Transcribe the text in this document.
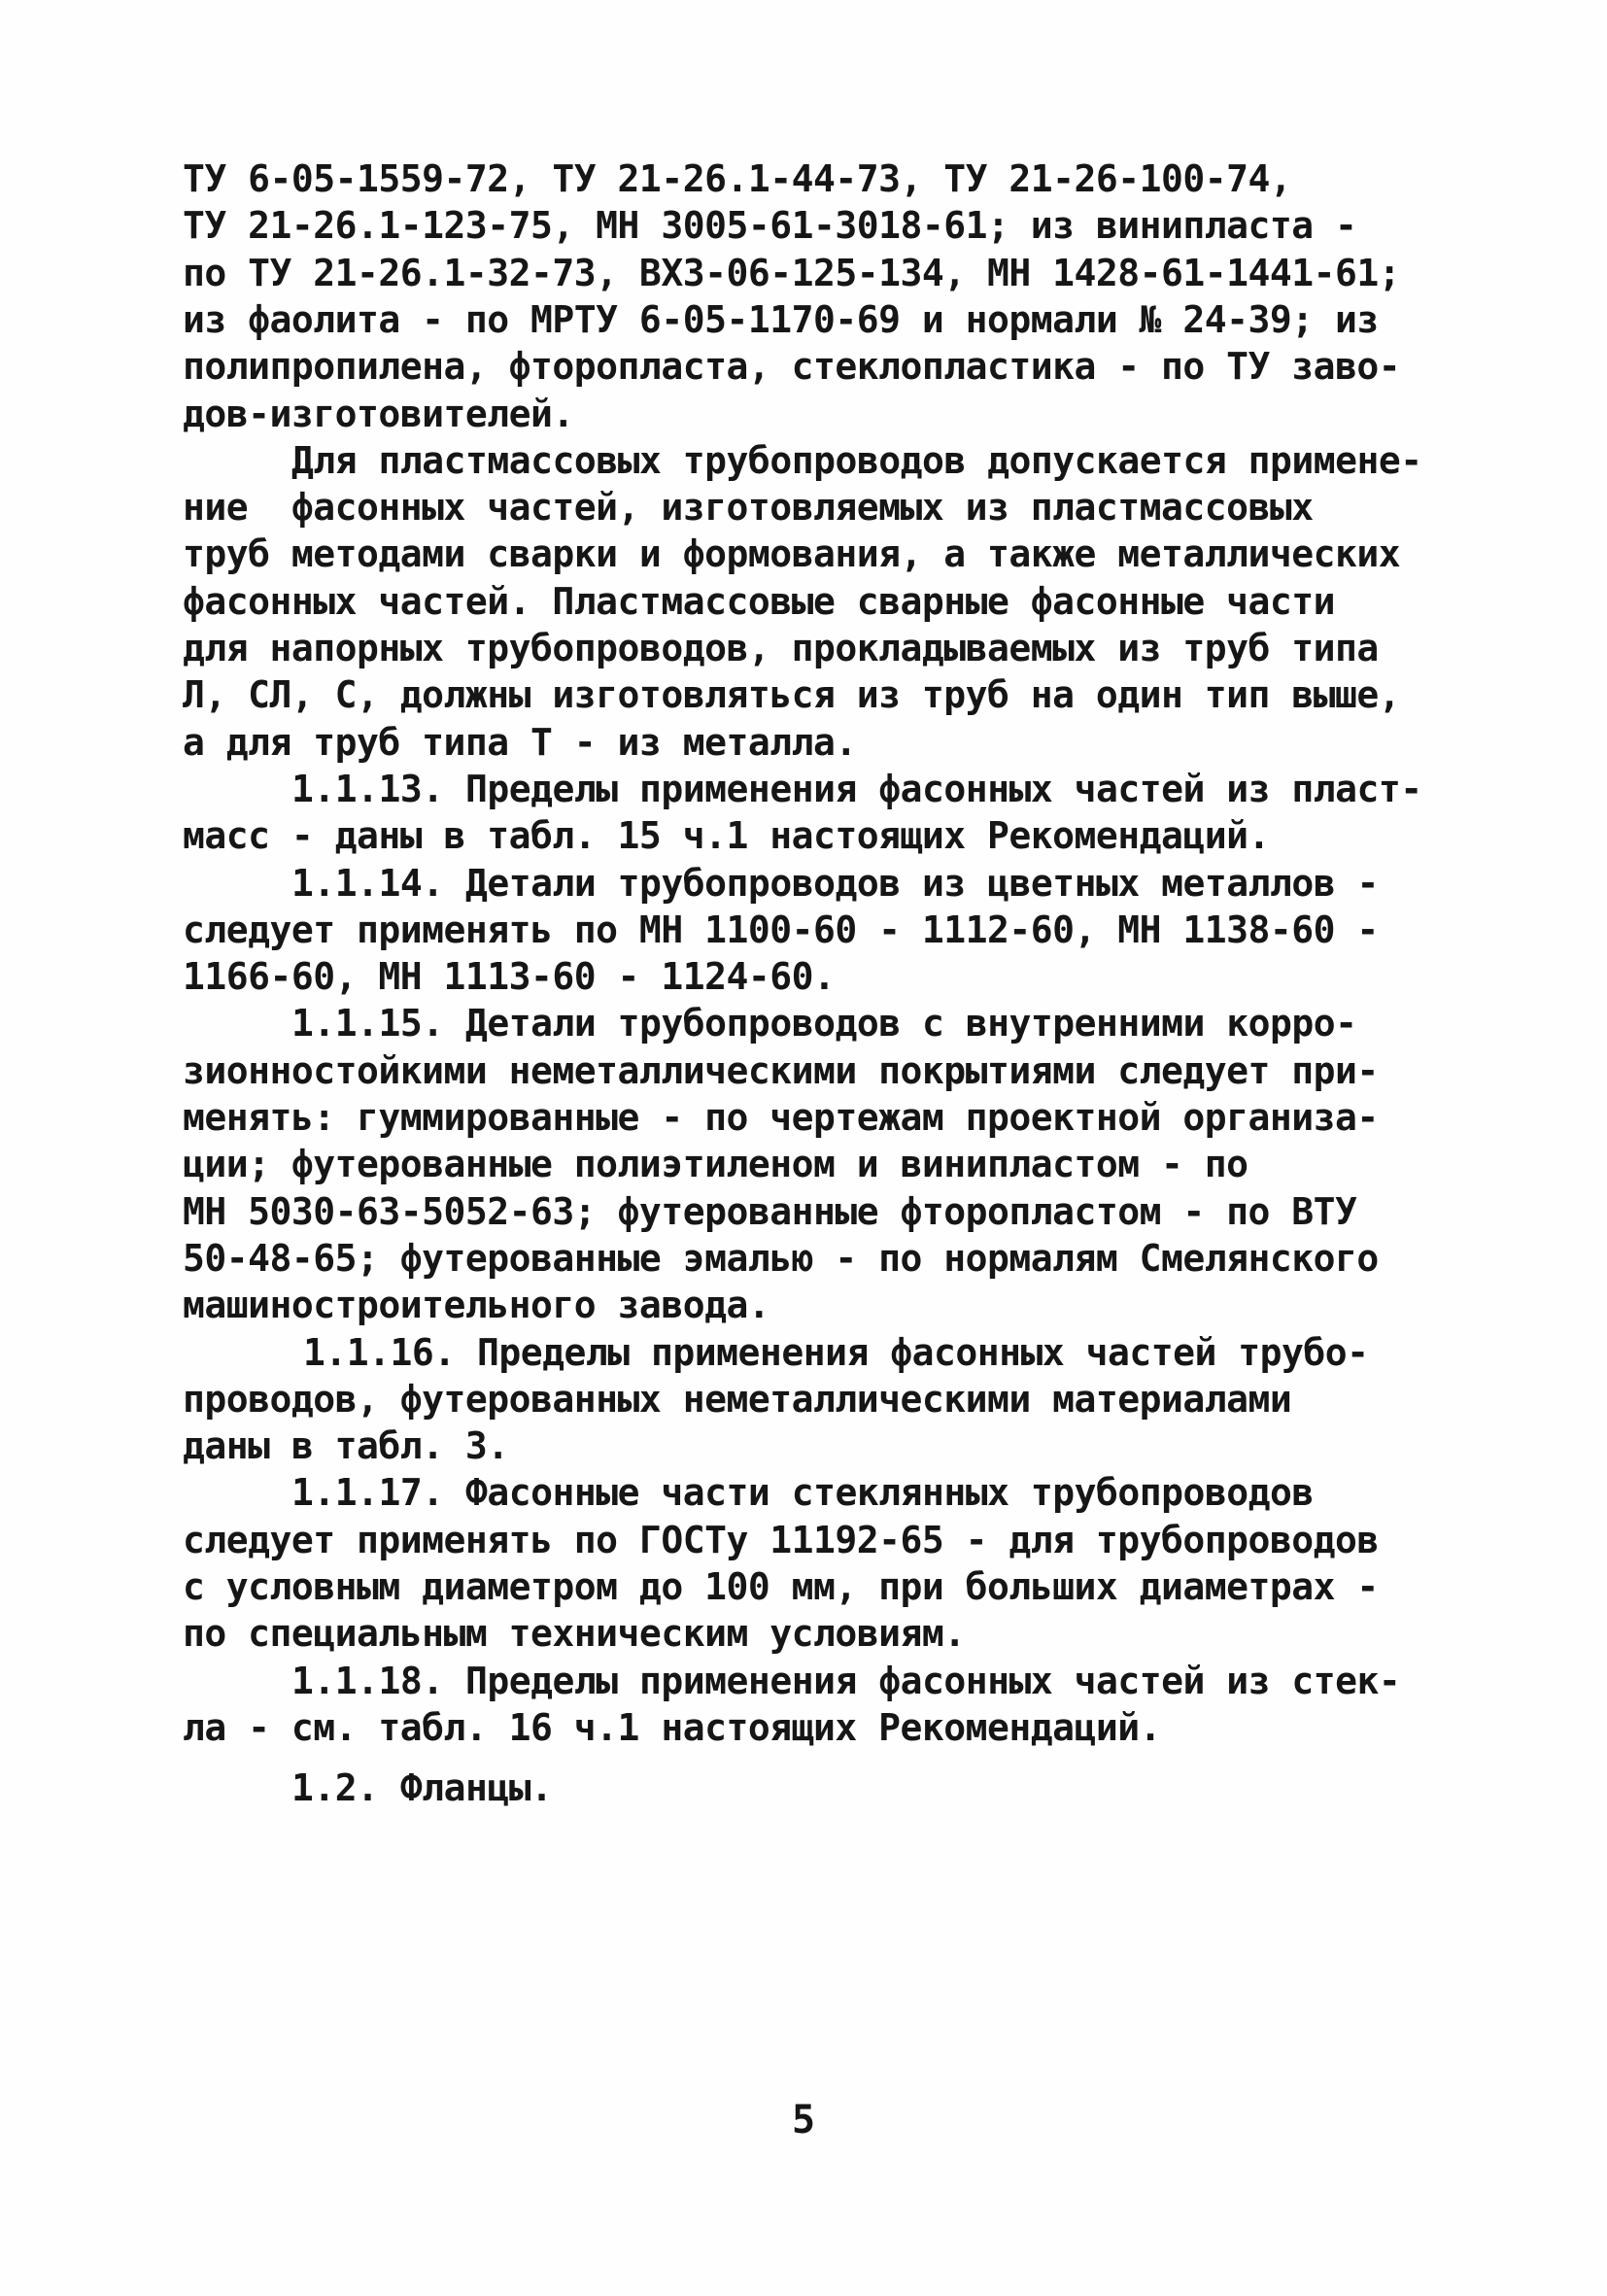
ТУ 6-05-1559-72, ТУ 21-26.1-44-73, ТУ 21-26-100-74,
ТУ 21-26.1-123-75, МН 3005-61-3018-61; из винипласта -
по ТУ 21-26.1-32-73, ВХЗ-06-125-134, МН 1428-61-1441-61;
из фаолита - по МРТУ 6-05-1170-69 и нормали № 24-39; из
полипропилена, фторопласта, стеклопластика - по ТУ заво-
дов-изготовителей.
Для пластмассовых трубопроводов допускается примене-
ние  фасонных частей, изготовляемых из пластмассовых
труб методами сварки и формования, а также металлических
фасонных частей. Пластмассовые сварные фасонные части
для напорных трубопроводов, прокладываемых из труб типа
Л, СЛ, С, должны изготовляться из труб на один тип выше,
а для труб типа Т - из металла.
1.1.13. Пределы применения фасонных частей из пласт-
масс - даны в табл. 15 ч.1 настоящих Рекомендаций.
1.1.14. Детали трубопроводов из цветных металлов -
следует применять по МН 1100-60 - 1112-60, МН 1138-60 -
1166-60, МН 1113-60 - 1124-60.
1.1.15. Детали трубопроводов с внутренними корро-
зионностойкими неметаллическими покрытиями следует при-
менять: гуммированные - по чертежам проектной организа-
ции; футерованные полиэтиленом и винипластом - по
МН 5030-63-5052-63; футерованные фторопластом - по ВТУ
50-48-65; футерованные эмалью - по нормалям Смелянского
машиностроительного завода.
1.1.16. Пределы применения фасонных частей трубо-
проводов, футерованных неметаллическими материалами
даны в табл. 3.
1.1.17. Фасонные части стеклянных трубопроводов
следует применять по ГОСТу 11192-65 - для трубопроводов
с условным диаметром до 100 мм, при больших диаметрах -
по специальным техническим условиям.
1.1.18. Пределы применения фасонных частей из стек-
ла - см. табл. 16 ч.1 настоящих Рекомендаций.
1.2. Фланцы.
5
